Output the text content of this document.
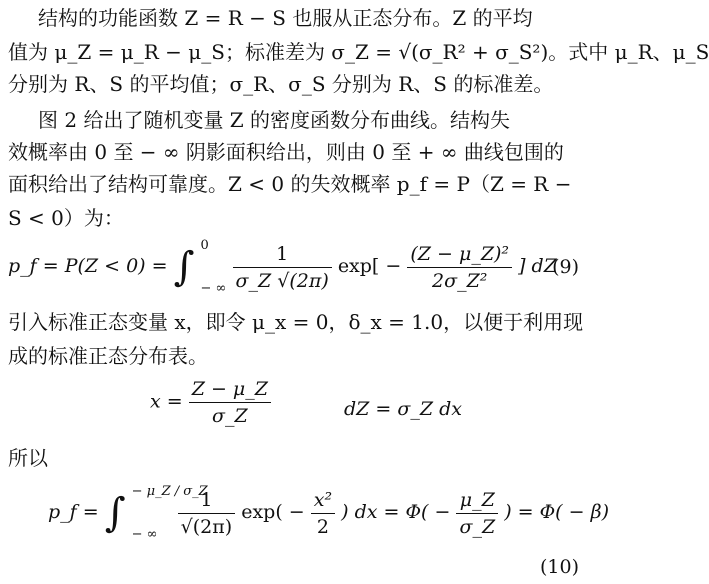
结构的功能函数 Z = R − S 也服从正态分布。Z 的平均
值为 μ_Z = μ_R − μ_S；标准差为 σ_Z = √(σ_R² + σ_S²)。式中 μ_R、μ_S
分别为 R、S 的平均值；σ_R、σ_S 分别为 R、S 的标准差。
图 2 给出了随机变量 Z 的密度函数分布曲线。结构失
效概率由 0 至 − ∞ 阴影面积给出，则由 0 至 + ∞ 曲线包围的
面积给出了结构可靠度。Z < 0 的失效概率 p_f = P（Z = R −
S < 0）为：
p_f = P(Z < 0) = ∫ 0
− ∞
$\frac{1}{\sigma\_Z √(2\pi)} \exp[ - \frac{\text{(Z − μ\_Z)²}}{\text{2σ\_Z²}}$ ] dZ
(9)
引入标准正态变量 x，即令 μ_x = 0，δ_x = 1.0，以便于利用现
成的标准正态分布表。
$x = \frac{Z - \mu\_Z}{\sigma\_Z}$	dZ = σ_Z dx
所以
p_f = ∫ − μ_Z / σ_Z
− ∞
$\frac{1}{√(2\pi)} \exp( - \frac{\text{x²}}{2}$ ) dx = $\Phi( - \frac{\mu\_Z}{\sigma\_Z}$ ) = Φ( − β)
(10)
